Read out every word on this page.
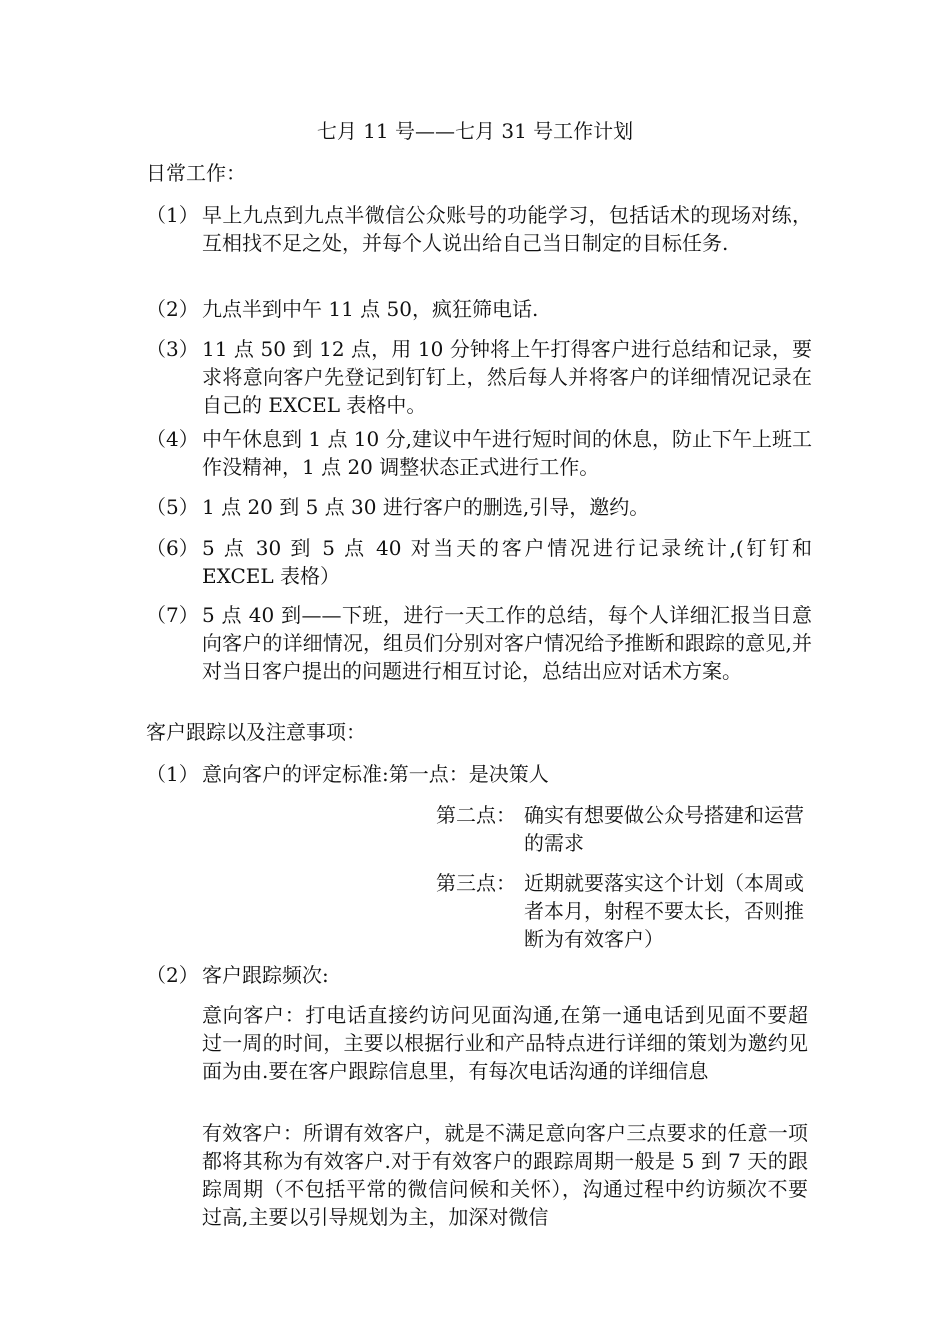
七月 11 号——七月 31 号工作计划
日常工作：
（1） 早上九点到九点半微信公众账号的功能学习，包括话术的现场对练，互相找不足之处，并每个人说出给自己当日制定的目标任务.
（2） 九点半到中午 11 点 50，疯狂筛电话.
（3） 11 点 50 到 12 点，用 10 分钟将上午打得客户进行总结和记录，要求将意向客户先登记到钉钉上，然后每人并将客户的详细情况记录在自己的 EXCEL 表格中。
（4） 中午休息到 1 点 10 分,建议中午进行短时间的休息，防止下午上班工作没精神，1 点 20 调整状态正式进行工作。
（5） 1 点 20 到 5 点 30 进行客户的删选,引导，邀约。
（6） 5 点 30 到 5 点 40 对当天的客户情况进行记录统计,(钉钉和 EXCEL 表格）
（7） 5 点 40 到——下班，进行一天工作的总结，每个人详细汇报当日意向客户的详细情况，组员们分别对客户情况给予推断和跟踪的意见,并对当日客户提出的问题进行相互讨论，总结出应对话术方案。
客户跟踪以及注意事项：
（1） 意向客户的评定标准:第一点：是决策人
第二点： 确实有想要做公众号搭建和运营的需求
第三点： 近期就要落实这个计划（本周或者本月，射程不要太长，否则推断为有效客户）
（2） 客户跟踪频次:
意向客户：打电话直接约访问见面沟通,在第一通电话到见面不要超过一周的时间，主要以根据行业和产品特点进行详细的策划为邀约见面为由.要在客户跟踪信息里，有每次电话沟通的详细信息
有效客户：所谓有效客户，就是不满足意向客户三点要求的任意一项都将其称为有效客户.对于有效客户的跟踪周期一般是 5 到 7 天的跟踪周期（不包括平常的微信问候和关怀），沟通过程中约访频次不要过高,主要以引导规划为主，加深对微信
